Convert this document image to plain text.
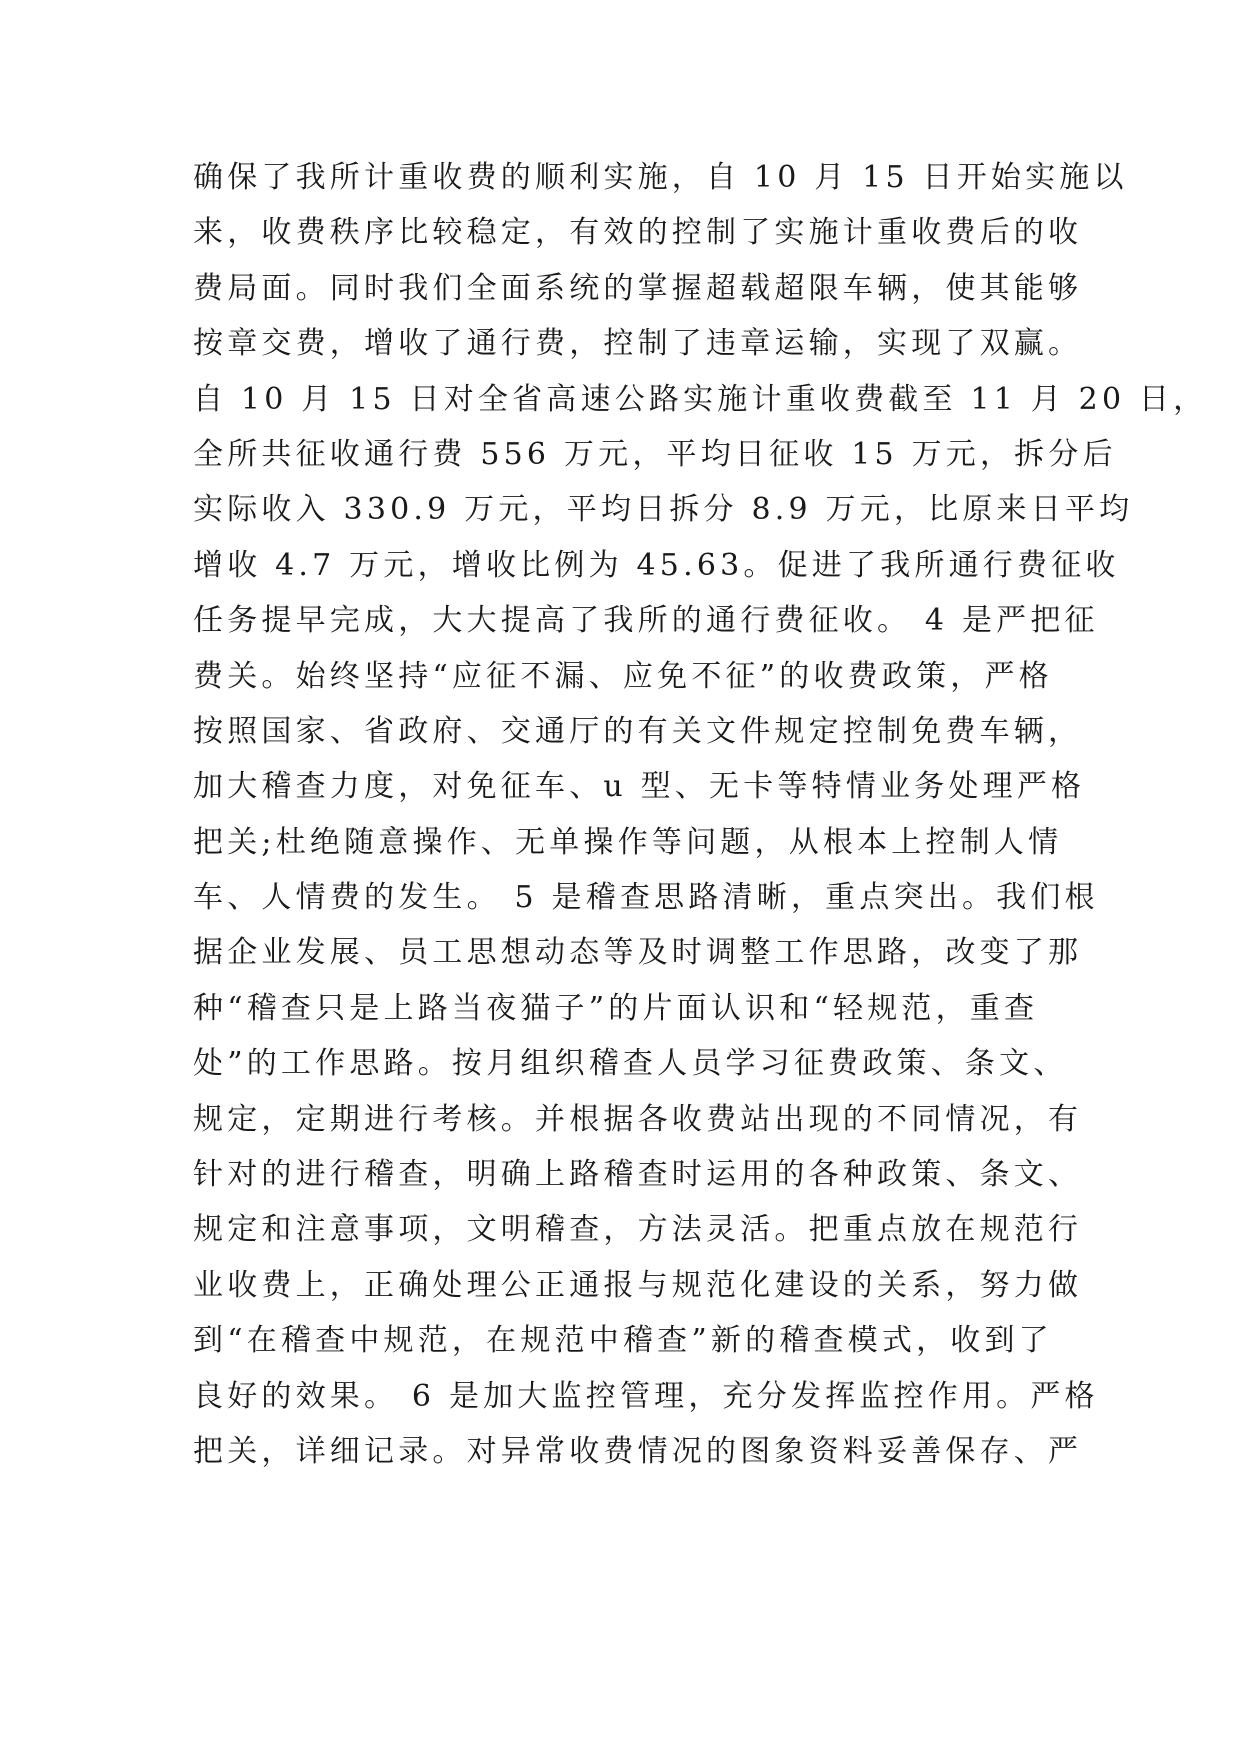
确保了我所计重收费的顺利实施，自 10 月 15 日开始实施以
来，收费秩序比较稳定，有效的控制了实施计重收费后的收
费局面。同时我们全面系统的掌握超载超限车辆，使其能够
按章交费，增收了通行费，控制了违章运输，实现了双赢。
自 10 月 15 日对全省高速公路实施计重收费截至 11 月 20 日，
全所共征收通行费 556 万元，平均日征收 15 万元，拆分后
实际收入 330.9 万元，平均日拆分 8.9 万元，比原来日平均
增收 4.7 万元，增收比例为 45.63。促进了我所通行费征收
任务提早完成，大大提高了我所的通行费征收。 4 是严把征
费关。始终坚持“应征不漏、应免不征”的收费政策，严格
按照国家、省政府、交通厅的有关文件规定控制免费车辆，
加大稽查力度，对免征车、u 型、无卡等特情业务处理严格
把关;杜绝随意操作、无单操作等问题，从根本上控制人情
车、人情费的发生。 5 是稽查思路清晰，重点突出。我们根
据企业发展、员工思想动态等及时调整工作思路，改变了那
种“稽查只是上路当夜猫子”的片面认识和“轻规范，重查
处”的工作思路。按月组织稽查人员学习征费政策、条文、
规定，定期进行考核。并根据各收费站出现的不同情况，有
针对的进行稽查，明确上路稽查时运用的各种政策、条文、
规定和注意事项，文明稽查，方法灵活。把重点放在规范行
业收费上，正确处理公正通报与规范化建设的关系，努力做
到“在稽查中规范，在规范中稽查”新的稽查模式，收到了
良好的效果。 6 是加大监控管理，充分发挥监控作用。严格
把关，详细记录。对异常收费情况的图象资料妥善保存、严
